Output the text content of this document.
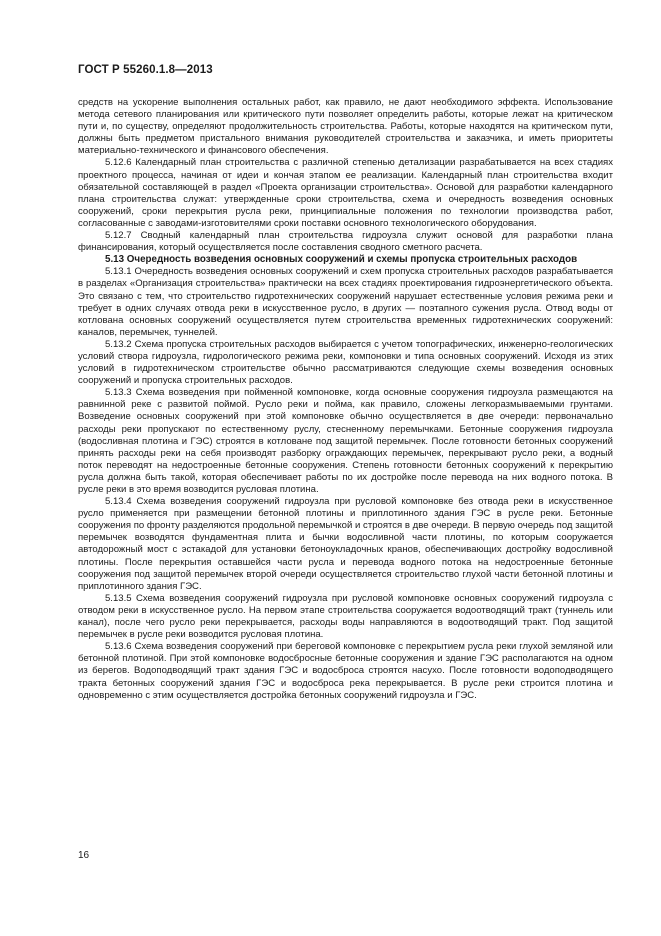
ГОСТ Р 55260.1.8—2013

средств на ускорение выполнения остальных работ, как правило, не дают необходимого эффекта. Использование метода сетевого планирования или критического пути позволяет определить работы, которые лежат на критическом пути и, по существу, определяют продолжительность строительства. Работы, которые находятся на критическом пути, должны быть предметом пристального внимания руководителей строительства и заказчика, и иметь приоритеты материально-технического и финансового обеспечения.

5.12.6 Календарный план строительства с различной степенью детализации разрабатывается на всех стадиях проектного процесса, начиная от идеи и кончая этапом ее реализации. Календарный план строительства входит обязательной составляющей в раздел «Проекта организации строительства». Основой для разработки календарного плана строительства служат: утвержденные сроки строительства, схема и очередность возведения основных сооружений, сроки перекрытия русла реки, принципиальные положения по технологии производства работ, согласованные с заводами-изготовителями сроки поставки основного технологического оборудования.

5.12.7 Сводный календарный план строительства гидроузла служит основой для разработки плана финансирования, который осуществляется после составления сводного сметного расчета.

5.13 Очередность возведения основных сооружений и схемы пропуска строительных расходов

5.13.1 Очередность возведения основных сооружений и схем пропуска строительных расходов разрабатывается в разделах «Организация строительства» практически на всех стадиях проектирования гидроэнергетического объекта. Это связано с тем, что строительство гидротехнических сооружений нарушает естественные условия режима реки и требует в одних случаях отвода реки в искусственное русло, в других — поэтапного сужения русла. Отвод воды от котлована основных сооружений осуществляется путем строительства временных гидротехнических сооружений: каналов, перемычек, туннелей.

5.13.2 Схема пропуска строительных расходов выбирается с учетом топографических, инженерно-геологических условий створа гидроузла, гидрологического режима реки, компоновки и типа основных сооружений. Исходя из этих условий в гидротехническом строительстве обычно рассматриваются следующие схемы возведения основных сооружений и пропуска строительных расходов.

5.13.3 Схема возведения при пойменной компоновке, когда основные сооружения гидроузла размещаются на равнинной реке с развитой поймой. Русло реки и пойма, как правило, сложены легкоразмываемыми грунтами. Возведение основных сооружений при этой компоновке обычно осуществляется в две очереди: первоначально расходы реки пропускают по естественному руслу, стесненному перемычками. Бетонные сооружения гидроузла (водосливная плотина и ГЭС) строятся в котловане под защитой перемычек. После готовности бетонных сооружений принять расходы реки на себя производят разборку ограждающих перемычек, перекрывают русло реки, а водный поток переводят на недостроенные бетонные сооружения. Степень готовности бетонных сооружений к перекрытию русла должна быть такой, которая обеспечивает работы по их достройке после перевода на них водного потока. В русле реки в это время возводится русловая плотина.

5.13.4 Схема возведения сооружений гидроузла при русловой компоновке без отвода реки в искусственное русло применяется при размещении бетонной плотины и приплотинного здания ГЭС в русле реки. Бетонные сооружения по фронту разделяются продольной перемычкой и строятся в две очереди. В первую очередь под защитой перемычек возводятся фундаментная плита и бычки водосливной части плотины, по которым сооружается автодорожный мост с эстакадой для установки бетоноукладочных кранов, обеспечивающих достройку водосливной плотины. После перекрытия оставшейся части русла и перевода водного потока на недостроенные бетонные сооружения под защитой перемычек второй очереди осуществляется строительство глухой части бетонной плотины и приплотинного здания ГЭС.

5.13.5 Схема возведения сооружений гидроузла при русловой компоновке основных сооружений гидроузла с отводом реки в искусственное русло. На первом этапе строительства сооружается водоотводящий тракт (туннель или канал), после чего русло реки перекрывается, расходы воды направляются в водоотводящий тракт. Под защитой перемычек в русле реки возводится русловая плотина.

5.13.6 Схема возведения сооружений при береговой компоновке с перекрытием русла реки глухой земляной или бетонной плотиной. При этой компоновке водосбросные бетонные сооружения и здание ГЭС располагаются на одном из берегов. Водоподводящий тракт здания ГЭС и водосброса строятся насухо. После готовности водоподводящего тракта бетонных сооружений здания ГЭС и водосброса река перекрывается. В русле реки строится плотина и одновременно с этим осуществляется достройка бетонных сооружений гидроузла и ГЭС.

16
